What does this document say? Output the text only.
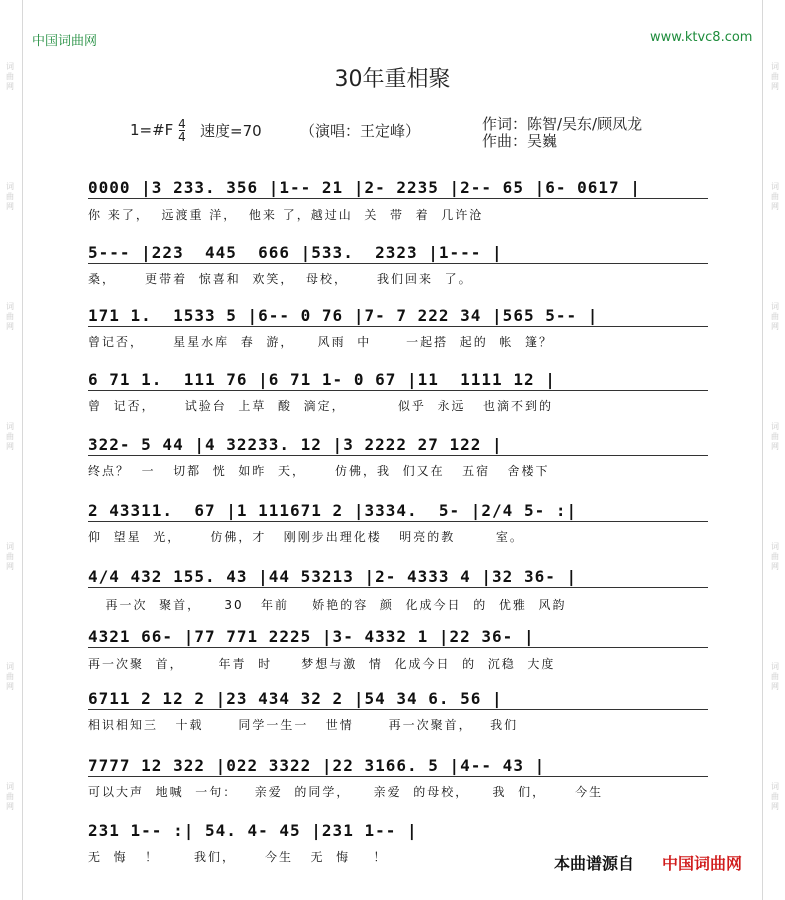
词曲网
词曲网
词曲网
词曲网
词曲网
词曲网
词曲网
词曲网
词曲网
词曲网
词曲网
词曲网
词曲网
词曲网
中国词曲网	www.ktvc8.com
30年重相聚
1=#F $\frac{4}{4}$ 速度=70	（演唱：王定峰）	作词：陈智/吴东/顾凤龙
作曲：吴巍
0000 |3 233. 356 |1-- 21 |2- 2235 |2-- 65 |6- 0617 |
你 来了，  远渡重 洋，  他来 了，越过山  关  带  着  几许沧
5--- |223  445  666 |533.  2323 |1--- |
桑，     更带着  惊喜和  欢笑，  母校，     我们回来  了。
171 1.  1533 5 |6-- 0 76 |7- 7 222 34 |565 5-- |
曾记否，     星星水库  春  游，    风雨  中      一起搭  起的  帐  篷？
6 71 1.  111 76 |6 71 1- 0 67 |11  1111 12 |
曾  记否，     试验台  上草  酸  滴定，         似乎  永远   也滴不到的
322- 5 44 |4 32233. 12 |3 2222 27 122 |
终点？  一   切都  恍  如昨  天，     仿佛，我  们又在   五宿   舍楼下
2 43311.  67 |1 111671 2 |3334.  5- |2/4 5- :|
仰  望星  光，     仿佛，才   刚刚步出理化楼   明亮的教       室。
4/4 432 155. 43 |44 53213 |2- 4333 4 |32 36- |
再一次  聚首，    30   年前    娇艳的容  颜  化成今日  的  优雅  风韵
4321 66- |77 771 2225 |3- 4332 1 |22 36- |
再一次聚  首，      年青  时     梦想与激  情  化成今日  的  沉稳  大度
6711 2 12 2 |23 434 32 2 |54 34 6. 56 |
相识相知三   十载      同学一生一   世情      再一次聚首，   我们
7777 12 322 |022 3322 |22 3166. 5 |4-- 43 |
可以大声  地喊  一句：   亲爱  的同学，    亲爱  的母校，    我  们，     今生
231 1-- :| 54. 4- 45 |231 1-- |
无  悔   ！      我们，     今生   无  悔    ！	本曲谱源自 中国词曲网
